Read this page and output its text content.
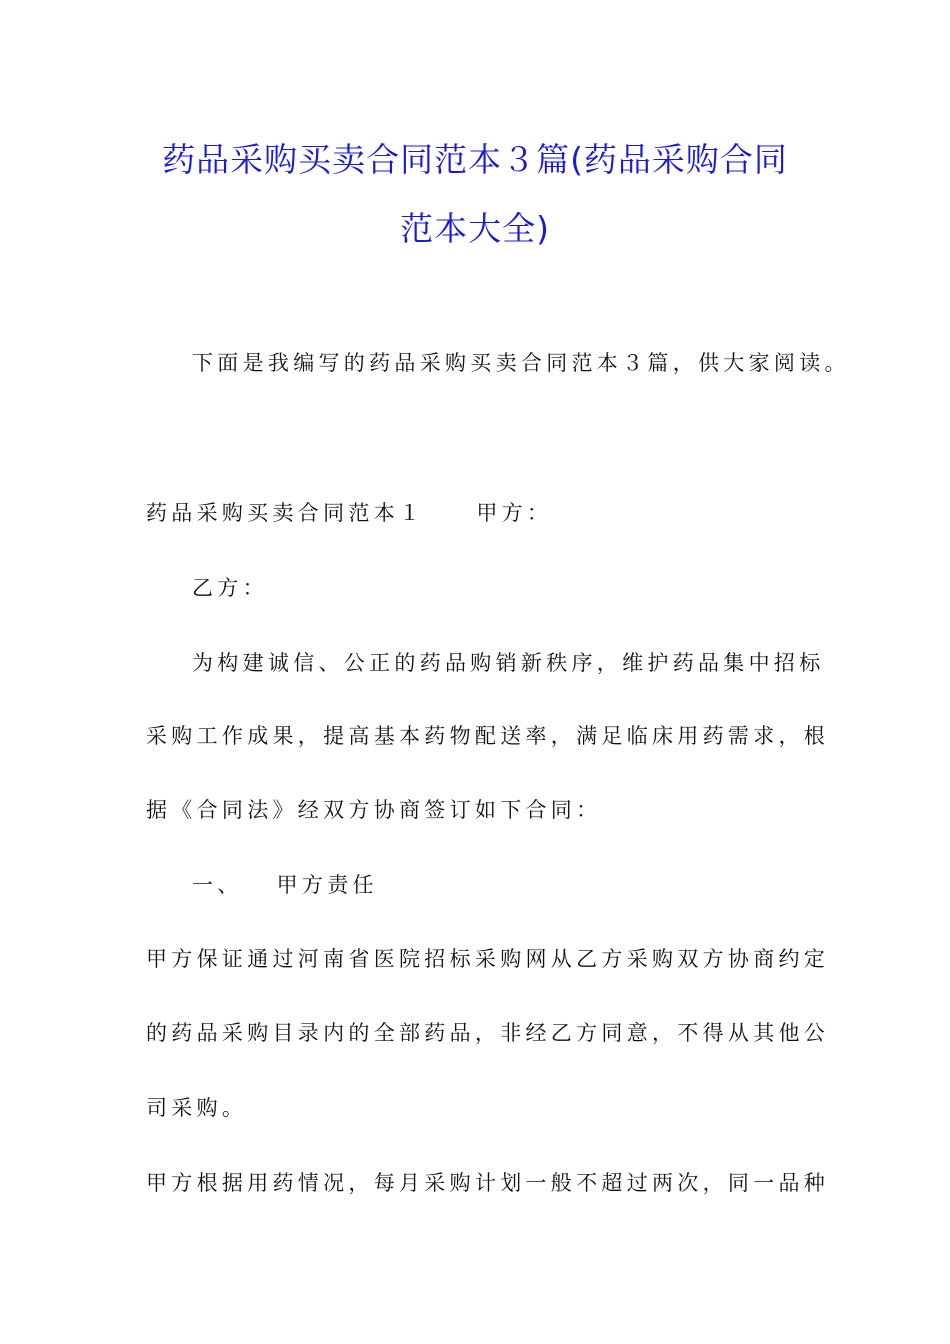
药品采购买卖合同范本３篇(药品采购合同
范本大全)
下面是我编写的药品采购买卖合同范本３篇，供大家阅读。
药品采购买卖合同范本１ 甲方：
乙方：
为构建诚信、公正的药品购销新秩序，维护药品集中招标
采购工作成果，提高基本药物配送率，满足临床用药需求，根
据《合同法》经双方协商签订如下合同：
一、 甲方责任
甲方保证通过河南省医院招标采购网从乙方采购双方协商约定
的药品采购目录内的全部药品，非经乙方同意，不得从其他公
司采购。
甲方根据用药情况，每月采购计划一般不超过两次，同一品种
